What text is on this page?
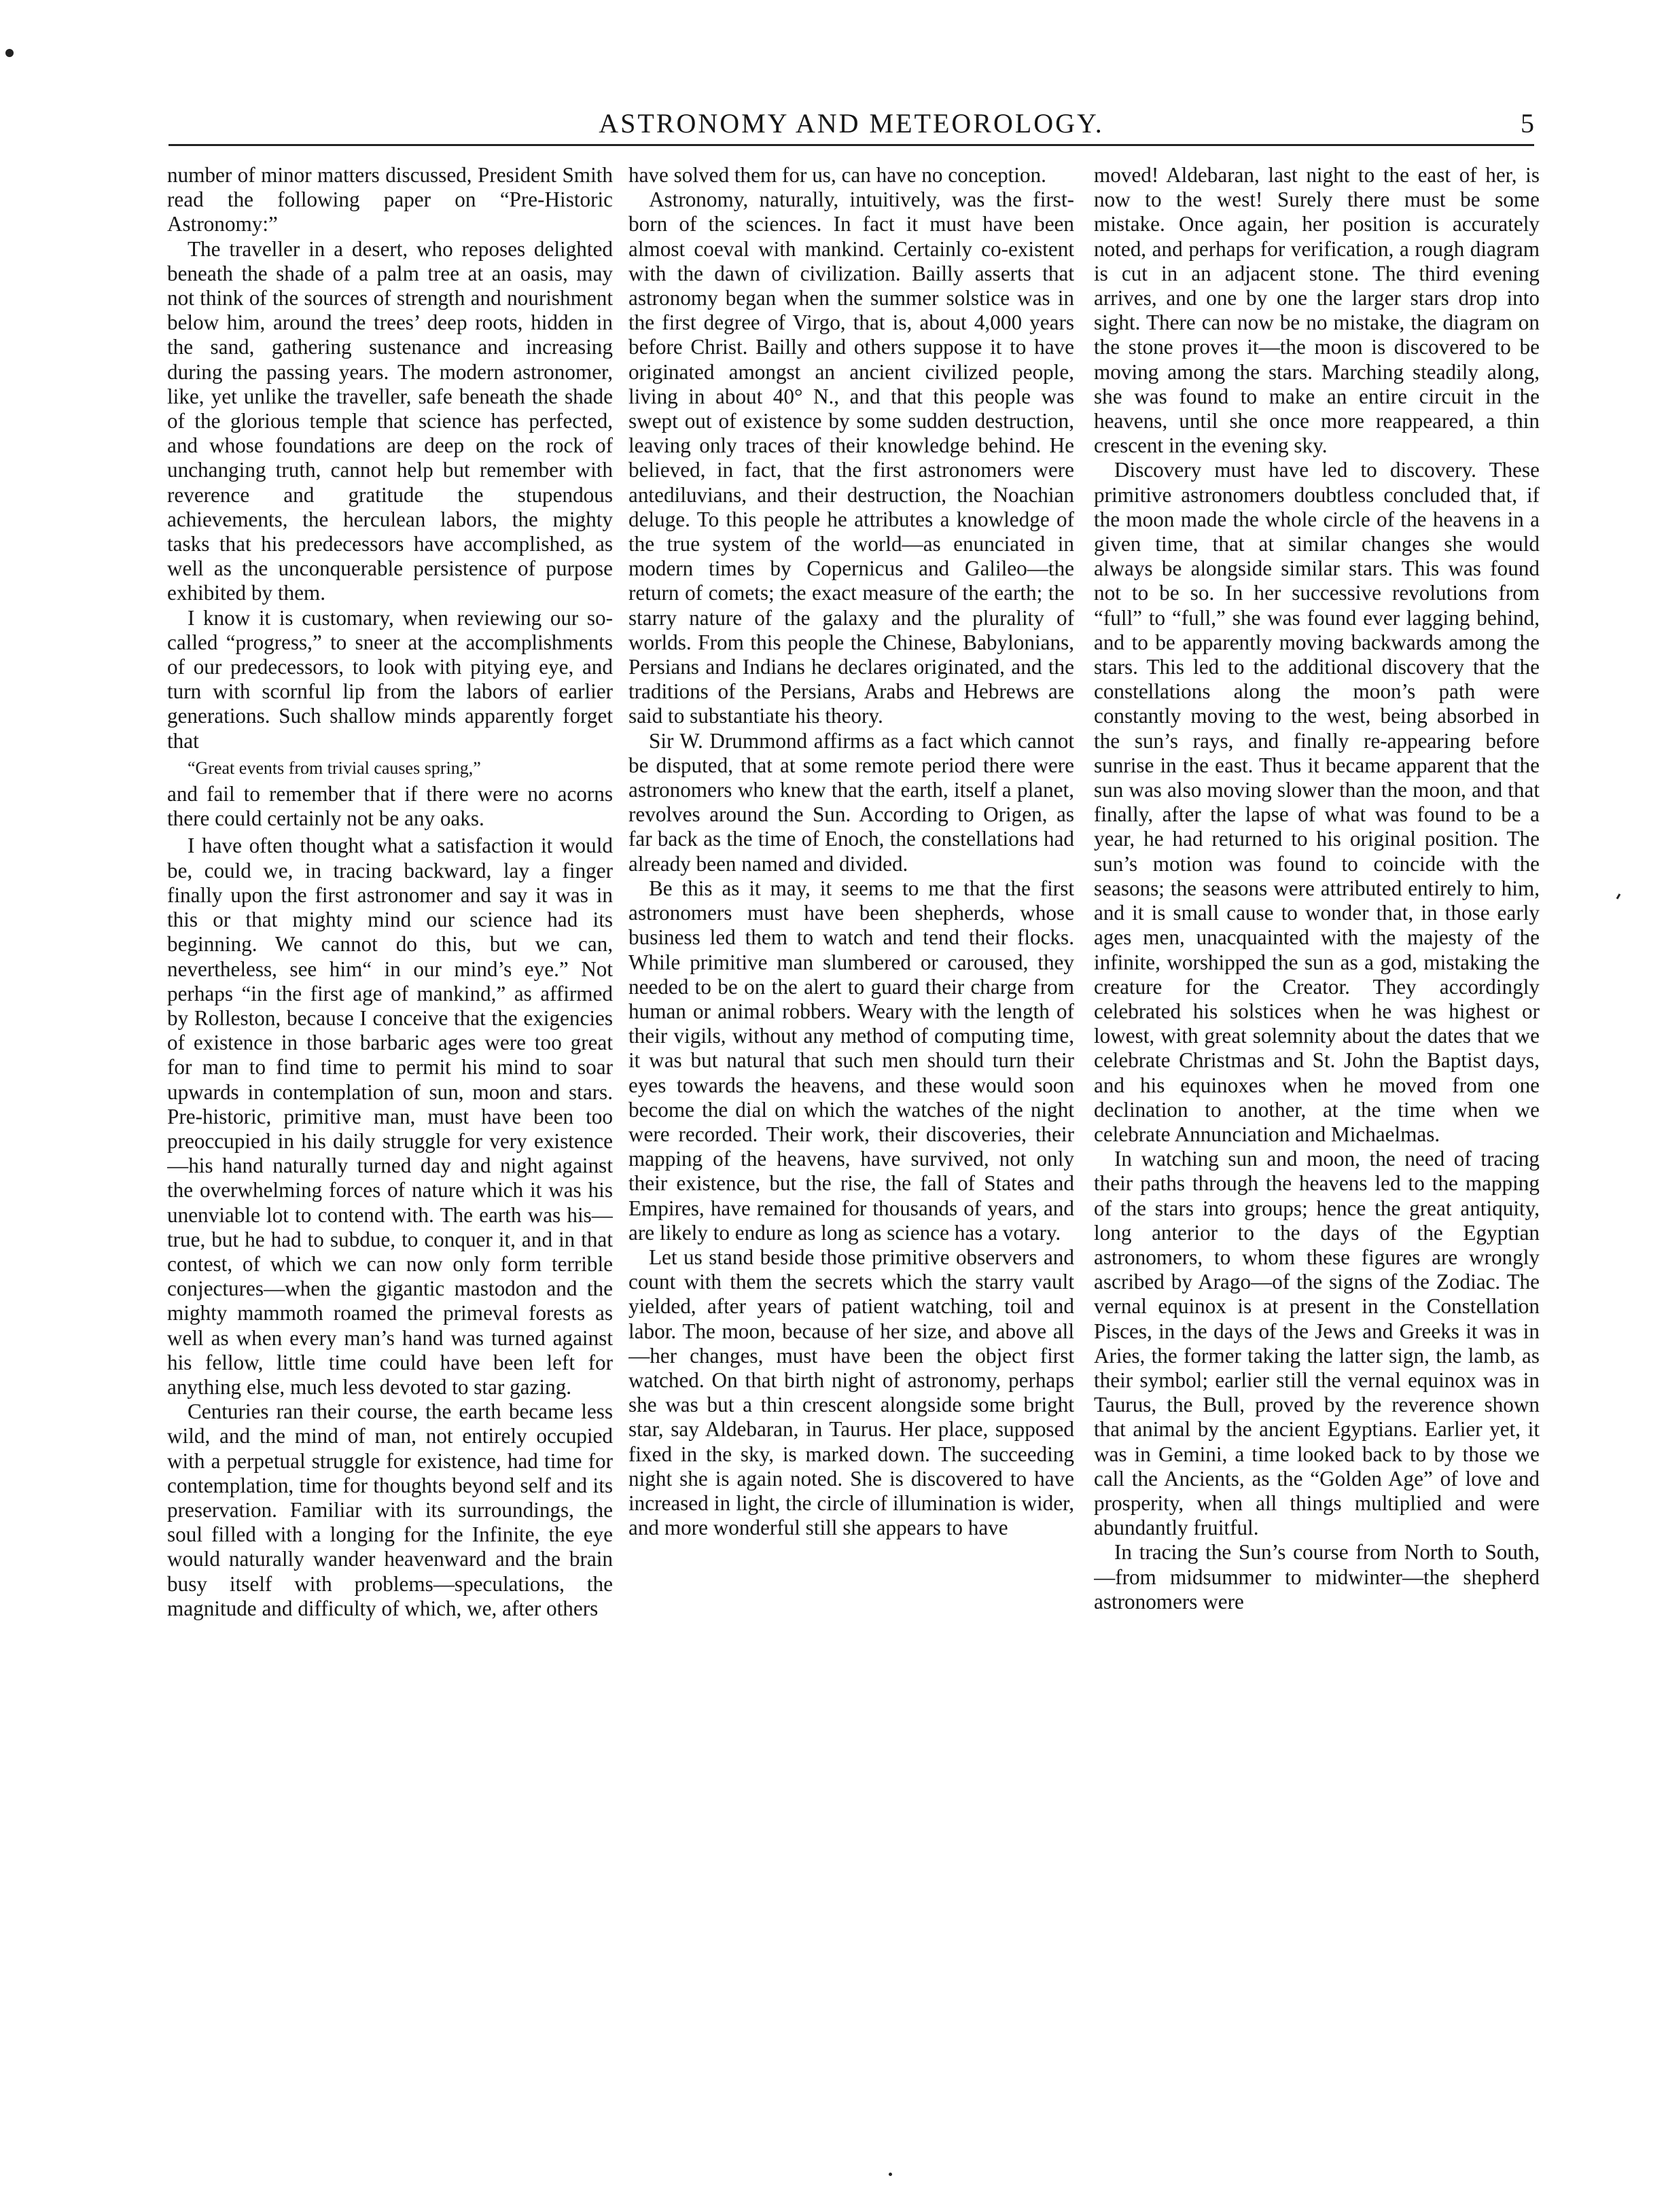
ASTRONOMY AND METEOROLOGY.	5

number of minor matters discussed, President Smith read the following paper on “Pre-Historic Astronomy:”

The traveller in a desert, who reposes delighted beneath the shade of a palm tree at an oasis, may not think of the sources of strength and nourishment below him, around the trees’ deep roots, hidden in the sand, gathering sustenance and increasing during the passing years. The modern astronomer, like, yet unlike the traveller, safe beneath the shade of the glorious temple that science has perfected, and whose foundations are deep on the rock of unchanging truth, cannot help but remember with reverence and gratitude the stupendous achievements, the herculean labors, the mighty tasks that his predecessors have accomplished, as well as the unconquerable persistence of purpose exhibited by them.

I know it is customary, when reviewing our so-called “progress,” to sneer at the accomplishments of our predecessors, to look with pitying eye, and turn with scornful lip from the labors of earlier generations. Such shallow minds apparently forget that

“Great events from trivial causes spring,”

and fail to remember that if there were no acorns there could certainly not be any oaks.

I have often thought what a satisfaction it would be, could we, in tracing backward, lay a finger finally upon the first astronomer and say it was in this or that mighty mind our science had its beginning. We cannot do this, but we can, nevertheless, see him“ in our mind’s eye.” Not perhaps “in the first age of mankind,” as affirmed by Rolleston, because I conceive that the exigencies of existence in those barbaric ages were too great for man to find time to permit his mind to soar upwards in contemplation of sun, moon and stars. Pre-historic, primitive man, must have been too preoccupied in his daily struggle for very existence—his hand naturally turned day and night against the overwhelming forces of nature which it was his unenviable lot to contend with. The earth was his—true, but he had to subdue, to conquer it, and in that contest, of which we can now only form terrible conjectures—when the gigantic mastodon and the mighty mammoth roamed the primeval forests as well as when every man’s hand was turned against his fellow, little time could have been left for anything else, much less devoted to star gazing.

Centuries ran their course, the earth became less wild, and the mind of man, not entirely occupied with a perpetual struggle for existence, had time for contemplation, time for thoughts beyond self and its preservation. Familiar with its surroundings, the soul filled with a longing for the Infinite, the eye would naturally wander heavenward and the brain busy itself with problems—speculations, the magnitude and difficulty of which, we, after others

have solved them for us, can have no conception.

Astronomy, naturally, intuitively, was the first-born of the sciences. In fact it must have been almost coeval with mankind. Certainly co-existent with the dawn of civilization. Bailly asserts that astronomy began when the summer solstice was in the first degree of Virgo, that is, about 4,000 years before Christ. Bailly and others suppose it to have originated amongst an ancient civilized people, living in about 40° N., and that this people was swept out of existence by some sudden destruction, leaving only traces of their knowledge behind. He believed, in fact, that the first astronomers were antediluvians, and their destruction, the Noachian deluge. To this people he attributes a knowledge of the true system of the world—as enunciated in modern times by Copernicus and Galileo—the return of comets; the exact measure of the earth; the starry nature of the galaxy and the plurality of worlds. From this people the Chinese, Babylonians, Persians and Indians he declares originated, and the traditions of the Persians, Arabs and Hebrews are said to substantiate his theory.

Sir W. Drummond affirms as a fact which cannot be disputed, that at some remote period there were astronomers who knew that the earth, itself a planet, revolves around the Sun. According to Origen, as far back as the time of Enoch, the constellations had already been named and divided.

Be this as it may, it seems to me that the first astronomers must have been shepherds, whose business led them to watch and tend their flocks. While primitive man slumbered or caroused, they needed to be on the alert to guard their charge from human or animal robbers. Weary with the length of their vigils, without any method of computing time, it was but natural that such men should turn their eyes towards the heavens, and these would soon become the dial on which the watches of the night were recorded. Their work, their discoveries, their mapping of the heavens, have survived, not only their existence, but the rise, the fall of States and Empires, have remained for thousands of years, and are likely to endure as long as science has a votary.

Let us stand beside those primitive observers and count with them the secrets which the starry vault yielded, after years of patient watching, toil and labor. The moon, because of her size, and above all—her changes, must have been the object first watched. On that birth night of astronomy, perhaps she was but a thin crescent alongside some bright star, say Aldebaran, in Taurus. Her place, supposed fixed in the sky, is marked down. The succeeding night she is again noted. She is discovered to have increased in light, the circle of illumination is wider, and more wonderful still she appears to have

moved! Aldebaran, last night to the east of her, is now to the west! Surely there must be some mistake. Once again, her position is accurately noted, and perhaps for verification, a rough diagram is cut in an adjacent stone. The third evening arrives, and one by one the larger stars drop into sight. There can now be no mistake, the diagram on the stone proves it—the moon is discovered to be moving among the stars. Marching steadily along, she was found to make an entire circuit in the heavens, until she once more reappeared, a thin crescent in the evening sky.

Discovery must have led to discovery. These primitive astronomers doubtless concluded that, if the moon made the whole circle of the heavens in a given time, that at similar changes she would always be alongside similar stars. This was found not to be so. In her successive revolutions from “full” to “full,” she was found ever lagging behind, and to be apparently moving backwards among the stars. This led to the additional discovery that the constellations along the moon’s path were constantly moving to the west, being absorbed in the sun’s rays, and finally re-appearing before sunrise in the east. Thus it became apparent that the sun was also moving slower than the moon, and that finally, after the lapse of what was found to be a year, he had returned to his original position. The sun’s motion was found to coincide with the seasons; the seasons were attributed entirely to him, and it is small cause to wonder that, in those early ages men, unacquainted with the majesty of the infinite, worshipped the sun as a god, mistaking the creature for the Creator. They accordingly celebrated his solstices when he was highest or lowest, with great solemnity about the dates that we celebrate Christmas and St. John the Baptist days, and his equinoxes when he moved from one declination to another, at the time when we celebrate Annunciation and Michaelmas.

In watching sun and moon, the need of tracing their paths through the heavens led to the mapping of the stars into groups; hence the great antiquity, long anterior to the days of the Egyptian astronomers, to whom these figures are wrongly ascribed by Arago—of the signs of the Zodiac. The vernal equinox is at present in the Constellation Pisces, in the days of the Jews and Greeks it was in Aries, the former taking the latter sign, the lamb, as their symbol; earlier still the vernal equinox was in Taurus, the Bull, proved by the reverence shown that animal by the ancient Egyptians. Earlier yet, it was in Gemini, a time looked back to by those we call the Ancients, as the “Golden Age” of love and prosperity, when all things multiplied and were abundantly fruitful.

In tracing the Sun’s course from North to South,—from midsummer to midwinter—the shepherd astronomers were
